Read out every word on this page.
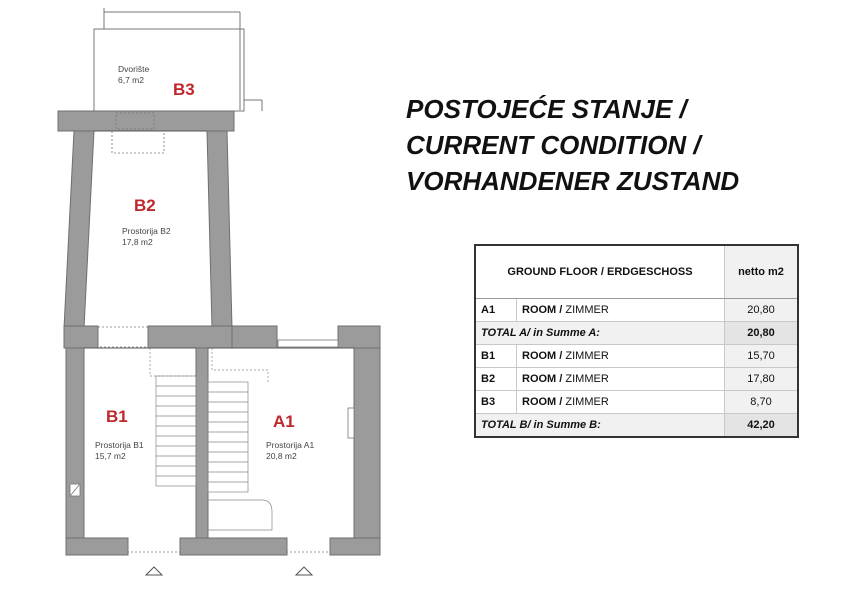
Dvorište
6,7 m2
B3
B2
Prostorija B2
17,8 m2
B1
Prostorija B1
15,7 m2
A1
Prostorija A1
20,8 m2
POSTOJEĆE STANJE /
CURRENT CONDITION /
VORHANDENER ZUSTAND
GROUND FLOOR / ERDGESCHOSS		netto m2
A1	ROOM / ZIMMER	20,80
TOTAL A/ in Summe A:		20,80
B1	ROOM / ZIMMER	15,70
B2	ROOM / ZIMMER	17,80
B3	ROOM / ZIMMER	8,70
TOTAL B/ in Summe B:		42,20
